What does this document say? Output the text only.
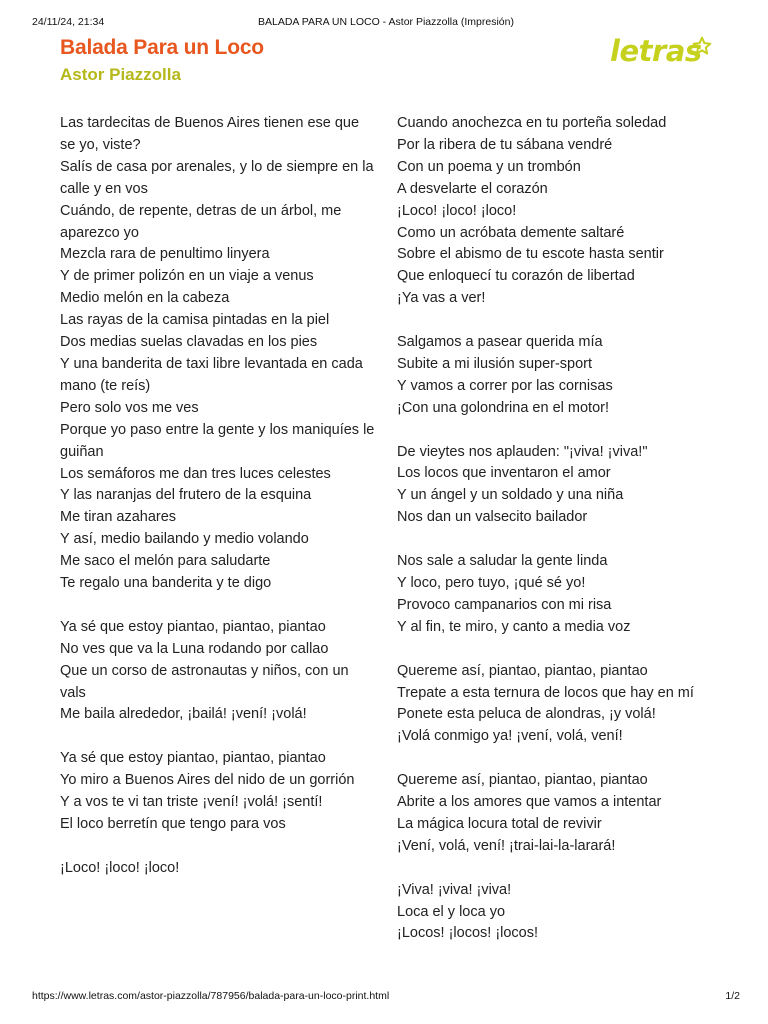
24/11/24, 21:34	BALADA PARA UN LOCO - Astor Piazzolla (Impresión)
Balada Para un Loco
Astor Piazzolla
letras
Las tardecitas de Buenos Aires tienen ese que se yo, viste?
Salís de casa por arenales, y lo de siempre en la calle y en vos
Cuándo, de repente, detras de un árbol, me aparezco yo
Mezcla rara de penultimo linyera
Y de primer polizón en un viaje a venus
Medio melón en la cabeza
Las rayas de la camisa pintadas en la piel
Dos medias suelas clavadas en los pies
Y una banderita de taxi libre levantada en cada mano (te reís)
Pero solo vos me ves
Porque yo paso entre la gente y los maniquíes le guiñan
Los semáforos me dan tres luces celestes
Y las naranjas del frutero de la esquina
Me tiran azahares
Y así, medio bailando y medio volando
Me saco el melón para saludarte
Te regalo una banderita y te digo
Ya sé que estoy piantao, piantao, piantao
No ves que va la Luna rodando por callao
Que un corso de astronautas y niños, con un vals
Me baila alrededor, ¡bailá! ¡vení! ¡volá!
Ya sé que estoy piantao, piantao, piantao
Yo miro a Buenos Aires del nido de un gorrión
Y a vos te vi tan triste ¡vení! ¡volá! ¡sentí!
El loco berretín que tengo para vos
¡Loco! ¡loco! ¡loco!
Cuando anochezca en tu porteña soledad
Por la ribera de tu sábana vendré
Con un poema y un trombón
A desvelarte el corazón
¡Loco! ¡loco! ¡loco!
Como un acróbata demente saltaré
Sobre el abismo de tu escote hasta sentir
Que enloquecí tu corazón de libertad
¡Ya vas a ver!
Salgamos a pasear querida mía
Subite a mi ilusión super-sport
Y vamos a correr por las cornisas
¡Con una golondrina en el motor!
De vieytes nos aplauden: "¡viva! ¡viva!"
Los locos que inventaron el amor
Y un ángel y un soldado y una niña
Nos dan un valsecito bailador
Nos sale a saludar la gente linda
Y loco, pero tuyo, ¡qué sé yo!
Provoco campanarios con mi risa
Y al fin, te miro, y canto a media voz
Quereme así, piantao, piantao, piantao
Trepate a esta ternura de locos que hay en mí
Ponete esta peluca de alondras, ¡y volá!
¡Volá conmigo ya! ¡vení, volá, vení!
Quereme así, piantao, piantao, piantao
Abrite a los amores que vamos a intentar
La mágica locura total de revivir
¡Vení, volá, vení! ¡trai-lai-la-larará!
¡Viva! ¡viva! ¡viva!
Loca el y loca yo
¡Locos! ¡locos! ¡locos!
https://www.letras.com/astor-piazzolla/787956/balada-para-un-loco-print.html	1/2
